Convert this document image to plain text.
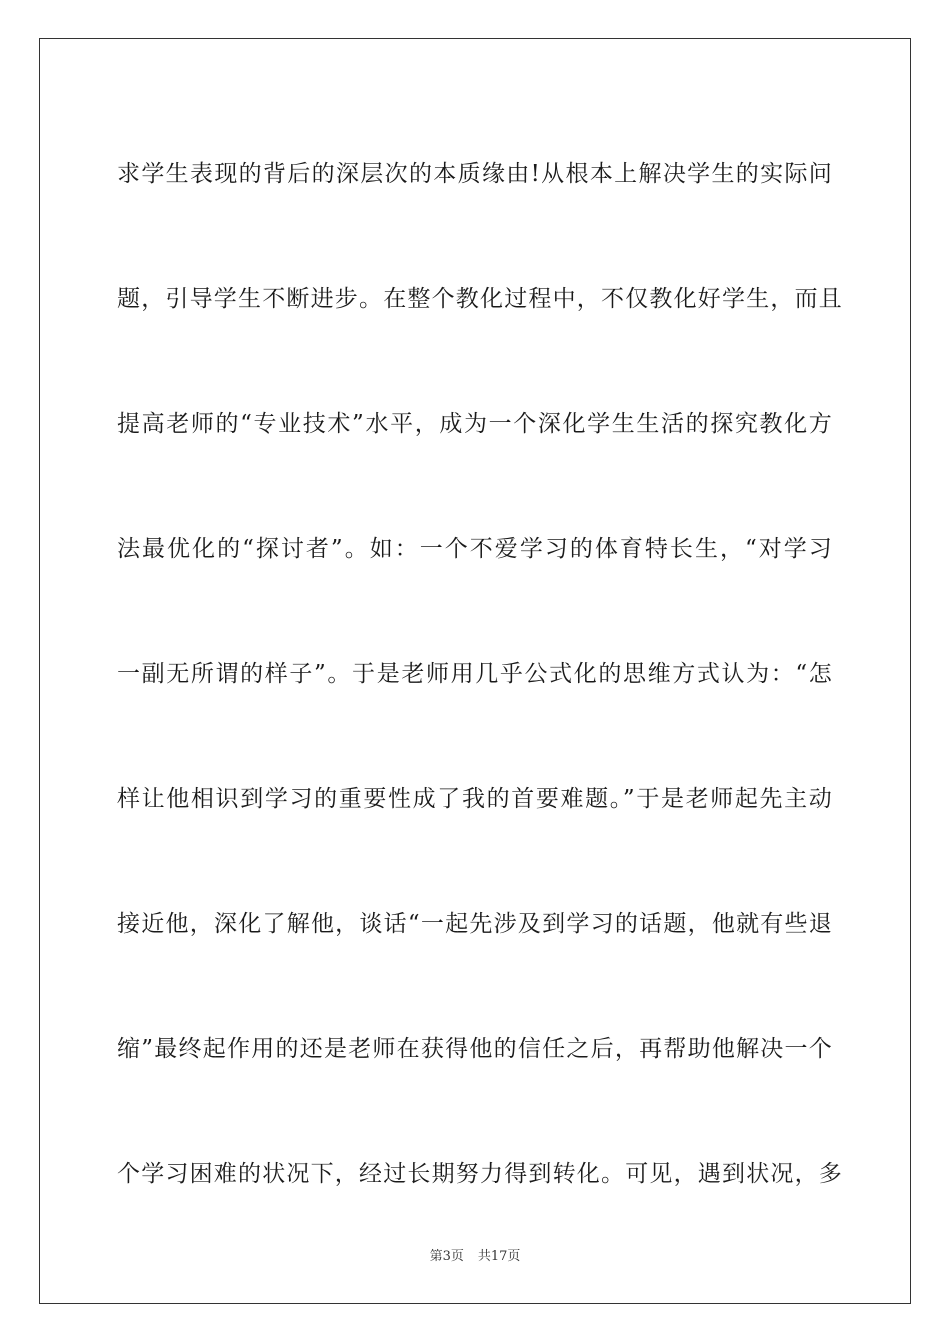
求学生表现的背后的深层次的本质缘由!从根本上解决学生的实际问

题，引导学生不断进步。在整个教化过程中，不仅教化好学生，而且

提高老师的“专业技术”水平，成为一个深化学生生活的探究教化方

法最优化的“探讨者”。如：一个不爱学习的体育特长生，“对学习

一副无所谓的样子”。于是老师用几乎公式化的思维方式认为：“怎

样让他相识到学习的重要性成了我的首要难题。”于是老师起先主动

接近他，深化了解他，谈话“一起先涉及到学习的话题，他就有些退

缩”最终起作用的还是老师在获得他的信任之后，再帮助他解决一个

个学习困难的状况下，经过长期努力得到转化。可见，遇到状况，多

第3页 共17页
